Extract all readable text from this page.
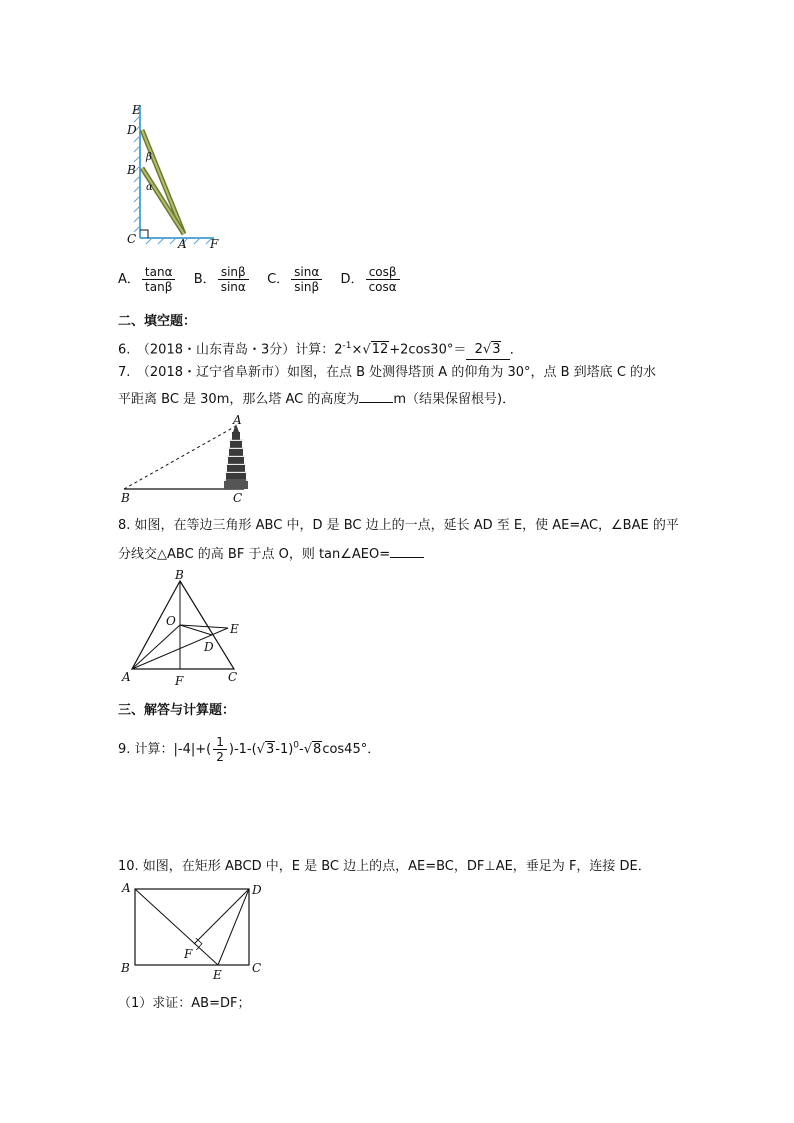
E
D
B
β
α
C	A F
A． $\frac{\tan\alpha}{\tan\beta}$ B． $\frac{\sin\beta}{\sin\alpha}$ C． $\frac{\sin\alpha}{\sin\beta}$ D． $\frac{\cos\beta}{\cos\alpha}$
二、填空题：
6.　（2018・山东青岛・3分）计算：$2^{-1}\times√12+2\cos 30^\circ= 2√3$ ．
7.　（2018・辽宁省阜新市）如图，在点 B 处测得塔顶 A 的仰角为 30°，点 B 到塔底 C 的水
平距离 BC 是 30m，那么塔 AC 的高度为	m（结果保留根号)．
A
B	C
8. 如图，在等边三角形 ABC 中，D 是 BC 边上的一点，延长 AD 至 E，使 AE=AC，∠BAE 的平
分线交△ABC 的高 BF 于点 O，则 tan∠AEO=
B
O
E
D
A	F	C
三、解答与计算题：
9. 计算：$|-4|+( \frac{1}{2} )-1-(√3-1)^0-√8\cos 45^\circ$．
10. 如图，在矩形 ABCD 中，E 是 BC 边上的点，AE=BC，DF⊥AE，垂足为 F，连接 DE．
A	D
F
B	E	C
（1）求证：AB=DF；
